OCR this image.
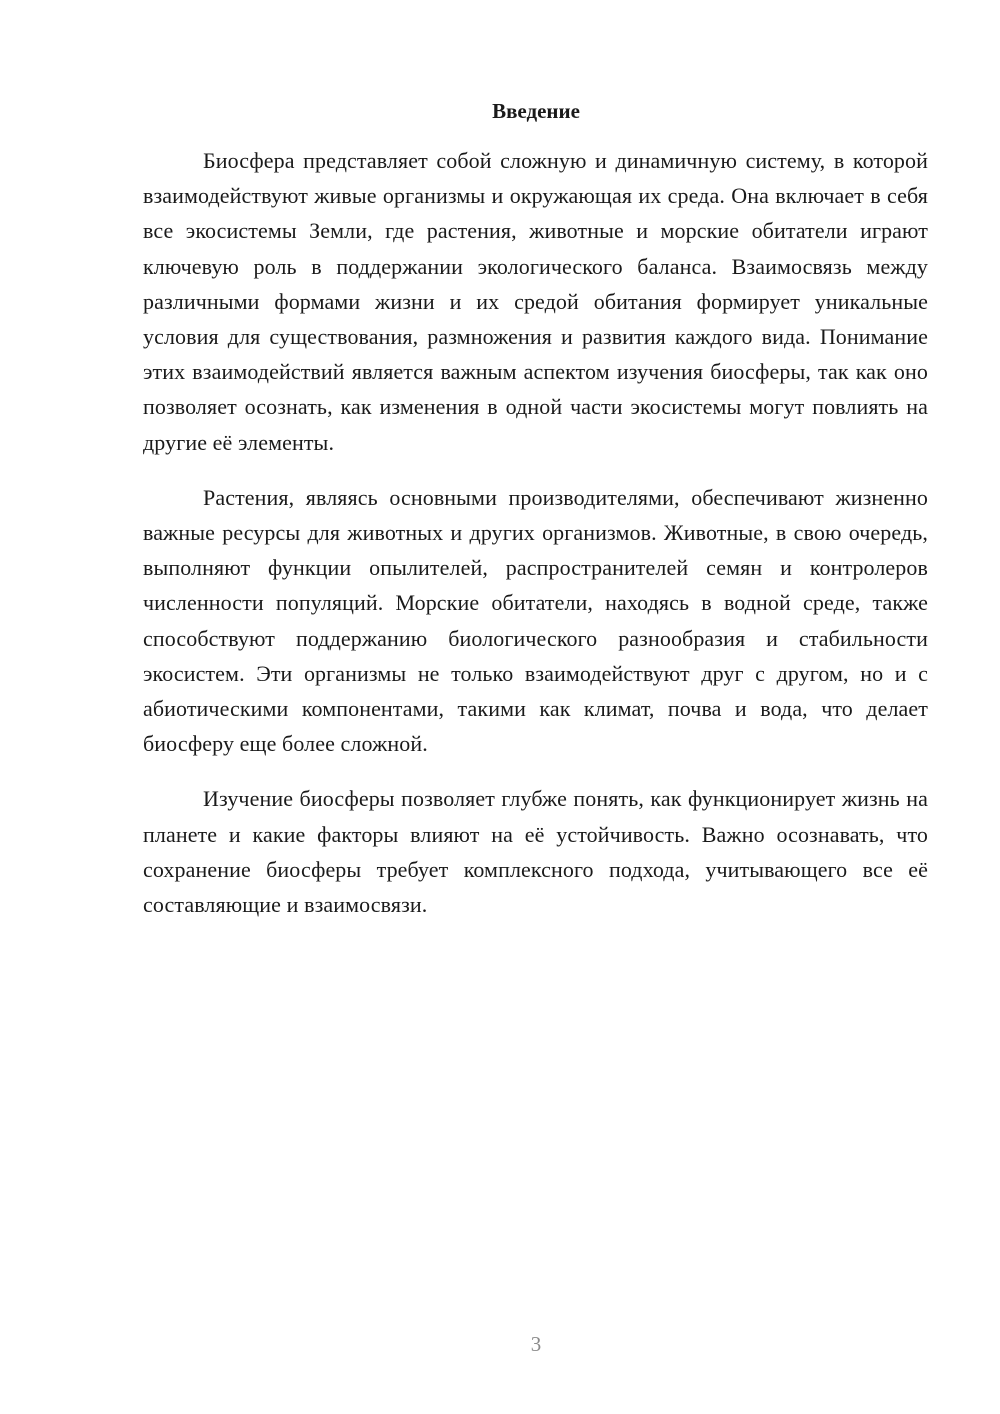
Введение

Биосфера представляет собой сложную и динамичную систему, в которой взаимодействуют живые организмы и окружающая их среда. Она включает в себя все экосистемы Земли, где растения, животные и морские обитатели играют ключевую роль в поддержании экологического баланса. Взаимосвязь между различными формами жизни и их средой обитания формирует уникальные условия для существования, размножения и развития каждого вида. Понимание этих взаимодействий является важным аспектом изучения биосферы, так как оно позволяет осознать, как изменения в одной части экосистемы могут повлиять на другие её элементы.

Растения, являясь основными производителями, обеспечивают жизненно важные ресурсы для животных и других организмов. Животные, в свою очередь, выполняют функции опылителей, распространителей семян и контролеров численности популяций. Морские обитатели, находясь в водной среде, также способствуют поддержанию биологического разнообразия и стабильности экосистем. Эти организмы не только взаимодействуют друг с другом, но и с абиотическими компонентами, такими как климат, почва и вода, что делает биосферу еще более сложной.

Изучение биосферы позволяет глубже понять, как функционирует жизнь на планете и какие факторы влияют на её устойчивость. Важно осознавать, что сохранение биосферы требует комплексного подхода, учитывающего все её составляющие и взаимосвязи.

3
